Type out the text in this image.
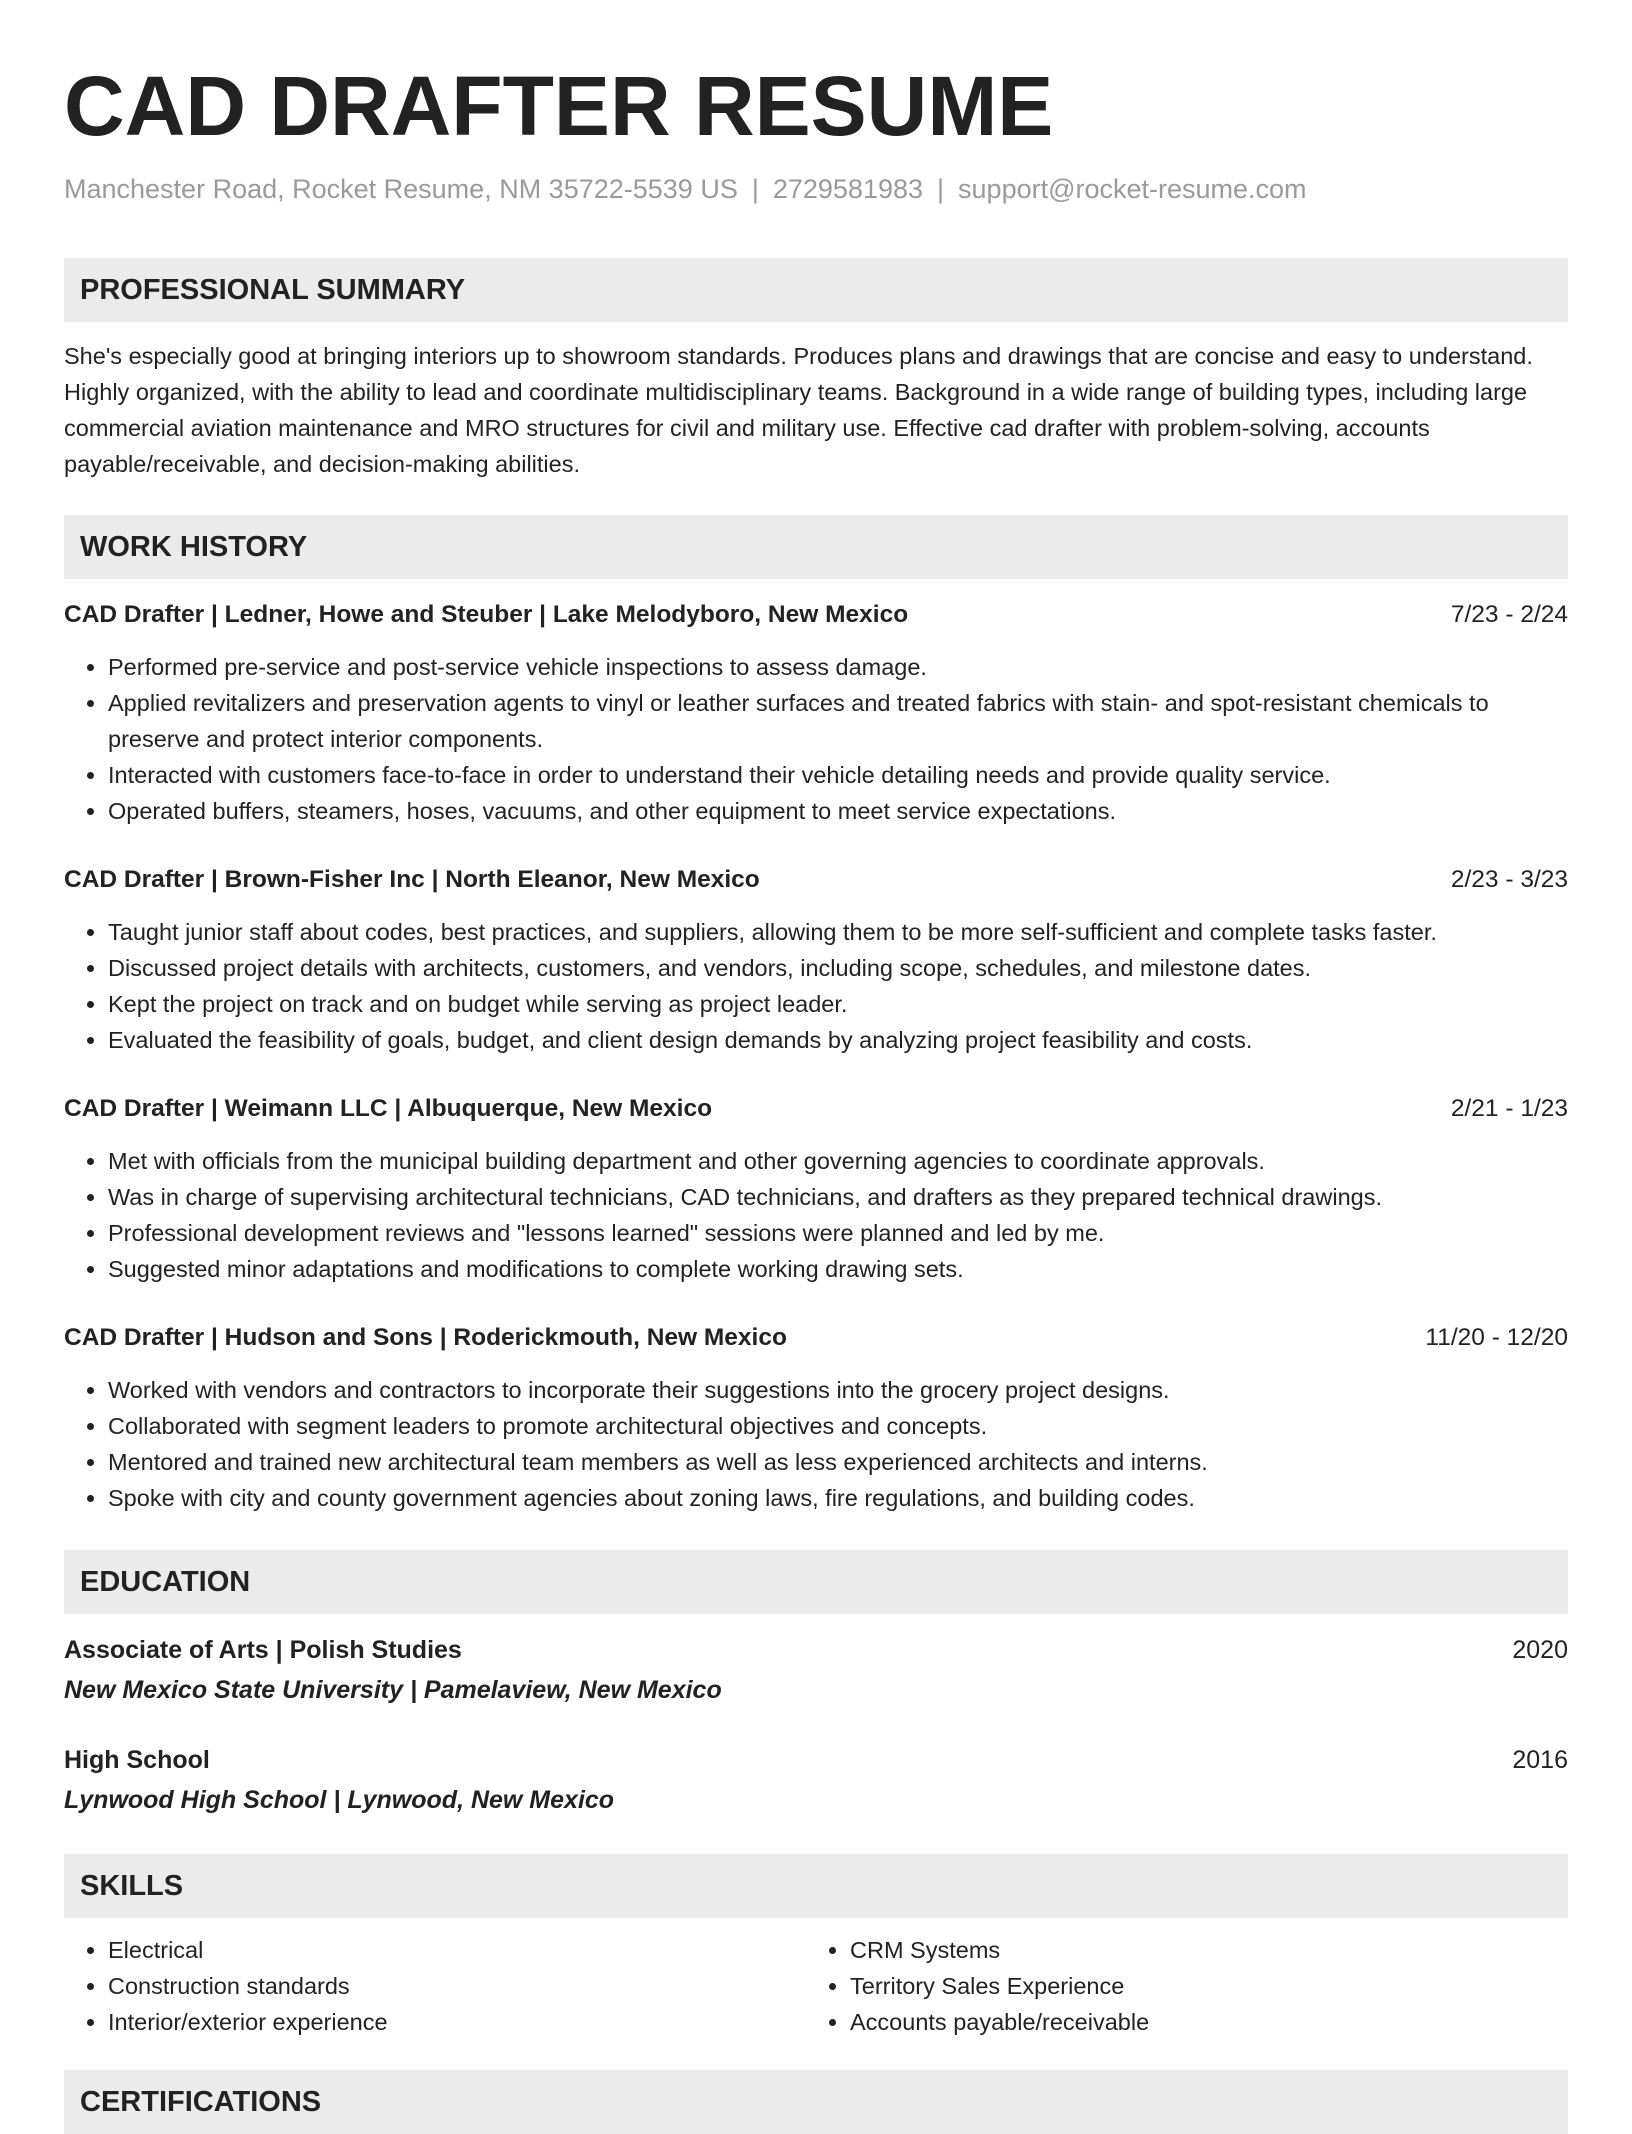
CAD DRAFTER RESUME
Manchester Road, Rocket Resume, NM 35722-5539 US | 2729581983 | support@rocket-resume.com
PROFESSIONAL SUMMARY
She's especially good at bringing interiors up to showroom standards. Produces plans and drawings that are concise and easy to understand. Highly organized, with the ability to lead and coordinate multidisciplinary teams. Background in a wide range of building types, including large commercial aviation maintenance and MRO structures for civil and military use. Effective cad drafter with problem-solving, accounts payable/receivable, and decision-making abilities.
WORK HISTORY
CAD Drafter | Ledner, Howe and Steuber | Lake Melodyboro, New Mexico	7/23 - 2/24
• Performed pre-service and post-service vehicle inspections to assess damage.
• Applied revitalizers and preservation agents to vinyl or leather surfaces and treated fabrics with stain- and spot-resistant chemicals to preserve and protect interior components.
• Interacted with customers face-to-face in order to understand their vehicle detailing needs and provide quality service.
• Operated buffers, steamers, hoses, vacuums, and other equipment to meet service expectations.
CAD Drafter | Brown-Fisher Inc | North Eleanor, New Mexico	2/23 - 3/23
• Taught junior staff about codes, best practices, and suppliers, allowing them to be more self-sufficient and complete tasks faster.
• Discussed project details with architects, customers, and vendors, including scope, schedules, and milestone dates.
• Kept the project on track and on budget while serving as project leader.
• Evaluated the feasibility of goals, budget, and client design demands by analyzing project feasibility and costs.
CAD Drafter | Weimann LLC | Albuquerque, New Mexico	2/21 - 1/23
• Met with officials from the municipal building department and other governing agencies to coordinate approvals.
• Was in charge of supervising architectural technicians, CAD technicians, and drafters as they prepared technical drawings.
• Professional development reviews and "lessons learned" sessions were planned and led by me.
• Suggested minor adaptations and modifications to complete working drawing sets.
CAD Drafter | Hudson and Sons | Roderickmouth, New Mexico	11/20 - 12/20
• Worked with vendors and contractors to incorporate their suggestions into the grocery project designs.
• Collaborated with segment leaders to promote architectural objectives and concepts.
• Mentored and trained new architectural team members as well as less experienced architects and interns.
• Spoke with city and county government agencies about zoning laws, fire regulations, and building codes.
EDUCATION
Associate of Arts | Polish Studies	2020
New Mexico State University | Pamelaview, New Mexico
High School	2016
Lynwood High School | Lynwood, New Mexico
SKILLS
• Electrical
• Construction standards
• Interior/exterior experience
• CRM Systems
• Territory Sales Experience
• Accounts payable/receivable
CERTIFICATIONS
